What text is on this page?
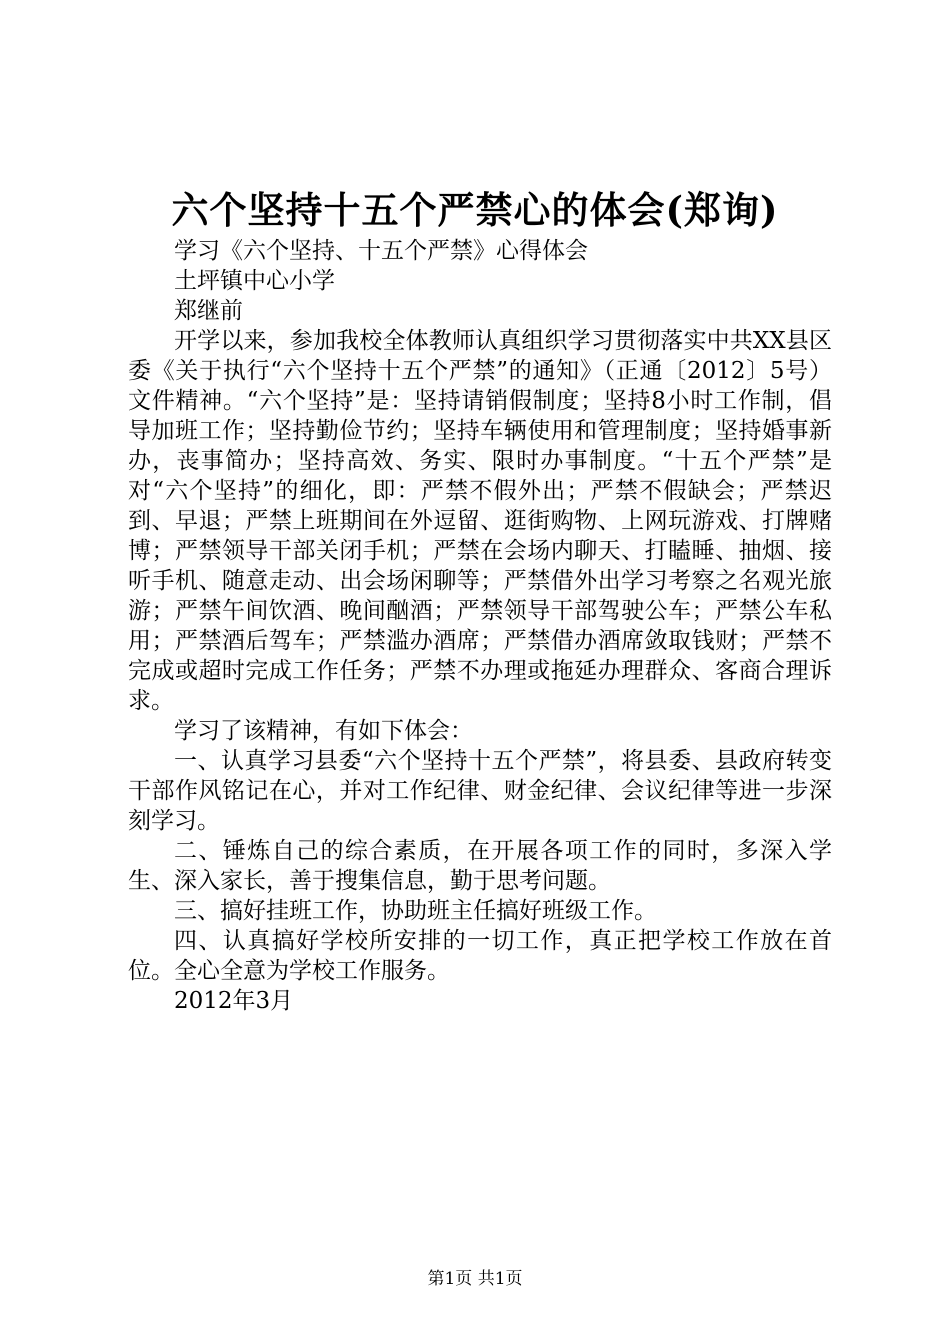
六个坚持十五个严禁心的体会(郑询)

学习《六个坚持、十五个严禁》心得体会

土坪镇中心小学

郑继前

开学以来，参加我校全体教师认真组织学习贯彻落实中共XX县区委《关于执行“六个坚持十五个严禁”的通知》（正通〔2012〕5号）文件精神。“六个坚持”是：坚持请销假制度；坚持8小时工作制，倡导加班工作；坚持勤俭节约；坚持车辆使用和管理制度；坚持婚事新办，丧事简办；坚持高效、务实、限时办事制度。“十五个严禁”是对“六个坚持”的细化，即：严禁不假外出；严禁不假缺会；严禁迟到、早退；严禁上班期间在外逗留、逛街购物、上网玩游戏、打牌赌博；严禁领导干部关闭手机；严禁在会场内聊天、打瞌睡、抽烟、接听手机、随意走动、出会场闲聊等；严禁借外出学习考察之名观光旅游；严禁午间饮酒、晚间酗酒；严禁领导干部驾驶公车；严禁公车私用；严禁酒后驾车；严禁滥办酒席；严禁借办酒席敛取钱财；严禁不完成或超时完成工作任务；严禁不办理或拖延办理群众、客商合理诉求。

学习了该精神，有如下体会：

一、认真学习县委“六个坚持十五个严禁”，将县委、县政府转变干部作风铭记在心，并对工作纪律、财金纪律、会议纪律等进一步深刻学习。

二、锤炼自己的综合素质，在开展各项工作的同时，多深入学生、深入家长，善于搜集信息，勤于思考问题。

三、搞好挂班工作，协助班主任搞好班级工作。

四、认真搞好学校所安排的一切工作，真正把学校工作放在首位。全心全意为学校工作服务。

2012年3月

第1页 共1页
